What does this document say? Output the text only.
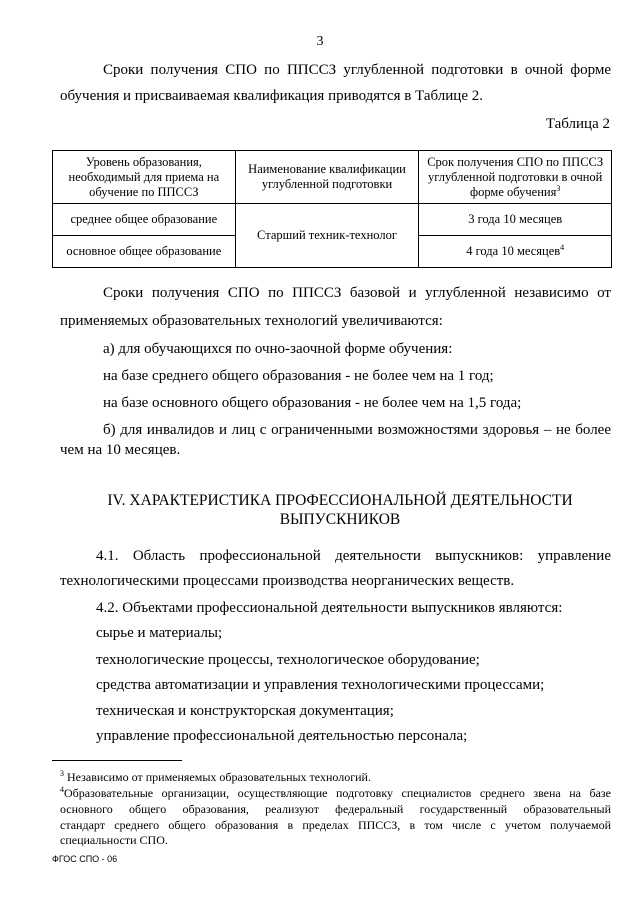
3
Сроки получения СПО по ППССЗ углубленной подготовки в очной форме
обучения и присваиваемая квалификация приводятся в Таблице 2.
Таблица 2
Уровень образования, необходимый для приема на обучение по ППССЗ	Наименование квалификации углубленной подготовки	Срок получения СПО по ППССЗ углубленной подготовки в очной форме обучения$^3$
среднее общее образование	Старший техник-технолог	3 года 10 месяцев
основное общее образование		4 года 10 месяцев$^4$
Сроки получения СПО по ППССЗ базовой и углубленной независимо от
применяемых образовательных технологий увеличиваются:
а) для обучающихся по очно-заочной форме обучения:
на базе среднего общего образования - не более чем на 1 год;
на базе основного общего образования - не более чем на 1,5 года;
б) для инвалидов и лиц с ограниченными возможностями здоровья – не более
чем на 10 месяцев.
IV. ХАРАКТЕРИСТИКА ПРОФЕССИОНАЛЬНОЙ ДЕЯТЕЛЬНОСТИ
ВЫПУСКНИКОВ
4.1. Область профессиональной деятельности выпускников: управление
технологическими процессами производства неорганических веществ.
4.2. Объектами профессиональной деятельности выпускников являются:
сырье и материалы;
технологические процессы, технологическое оборудование;
средства автоматизации и управления технологическими процессами;
техническая и конструкторская документация;
управление профессиональной деятельностью персонала;
$^3$ Независимо от применяемых образовательных технологий.
$^4$Образовательные организации, осуществляющие подготовку специалистов среднего звена на базе
основного общего образования, реализуют федеральный государственный образовательный
стандарт среднего общего образования в пределах ППССЗ, в том числе с учетом получаемой
специальности СПО.
ФГОС СПО - 06
